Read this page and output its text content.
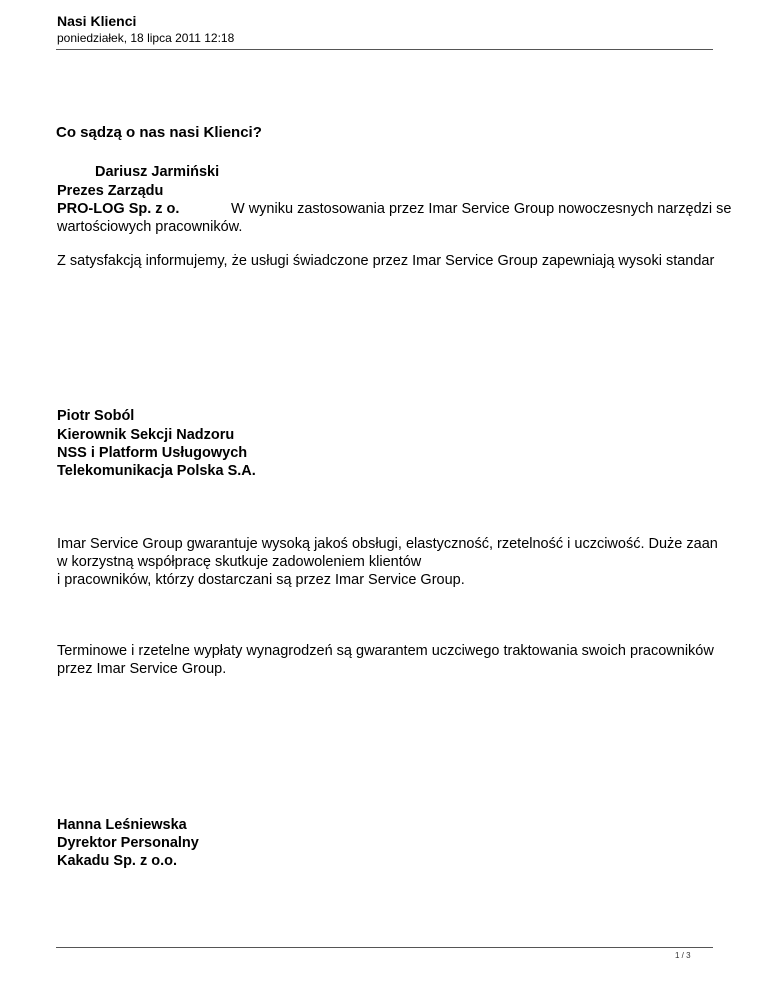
Nasi Klienci
poniedziałek, 18 lipca 2011 12:18
Co sądzą o nas nasi Klienci?
Dariusz Jarmiński
Prezes Zarządu
PRO-LOG Sp. z o.	W wyniku zastosowania przez Imar Service Group nowoczesnych narzędzi se
wartościowych pracowników.
Z satysfakcją informujemy, że usługi świadczone przez Imar Service Group zapewniają wysoki standar
Piotr Soból
Kierownik Sekcji Nadzoru
NSS i Platform Usługowych
Telekomunikacja Polska S.A.
Imar Service Group gwarantuje wysoką jakoś obsługi, elastyczność, rzetelność i uczciwość. Duże zaan
w korzystną współpracę skutkuje zadowoleniem klientów
i pracowników, którzy dostarczani są przez Imar Service Group.
Terminowe i rzetelne wypłaty wynagrodzeń są gwarantem uczciwego traktowania swoich pracowników
przez Imar Service Group.
Hanna Leśniewska
Dyrektor Personalny
Kakadu Sp. z o.o.
1 / 3
